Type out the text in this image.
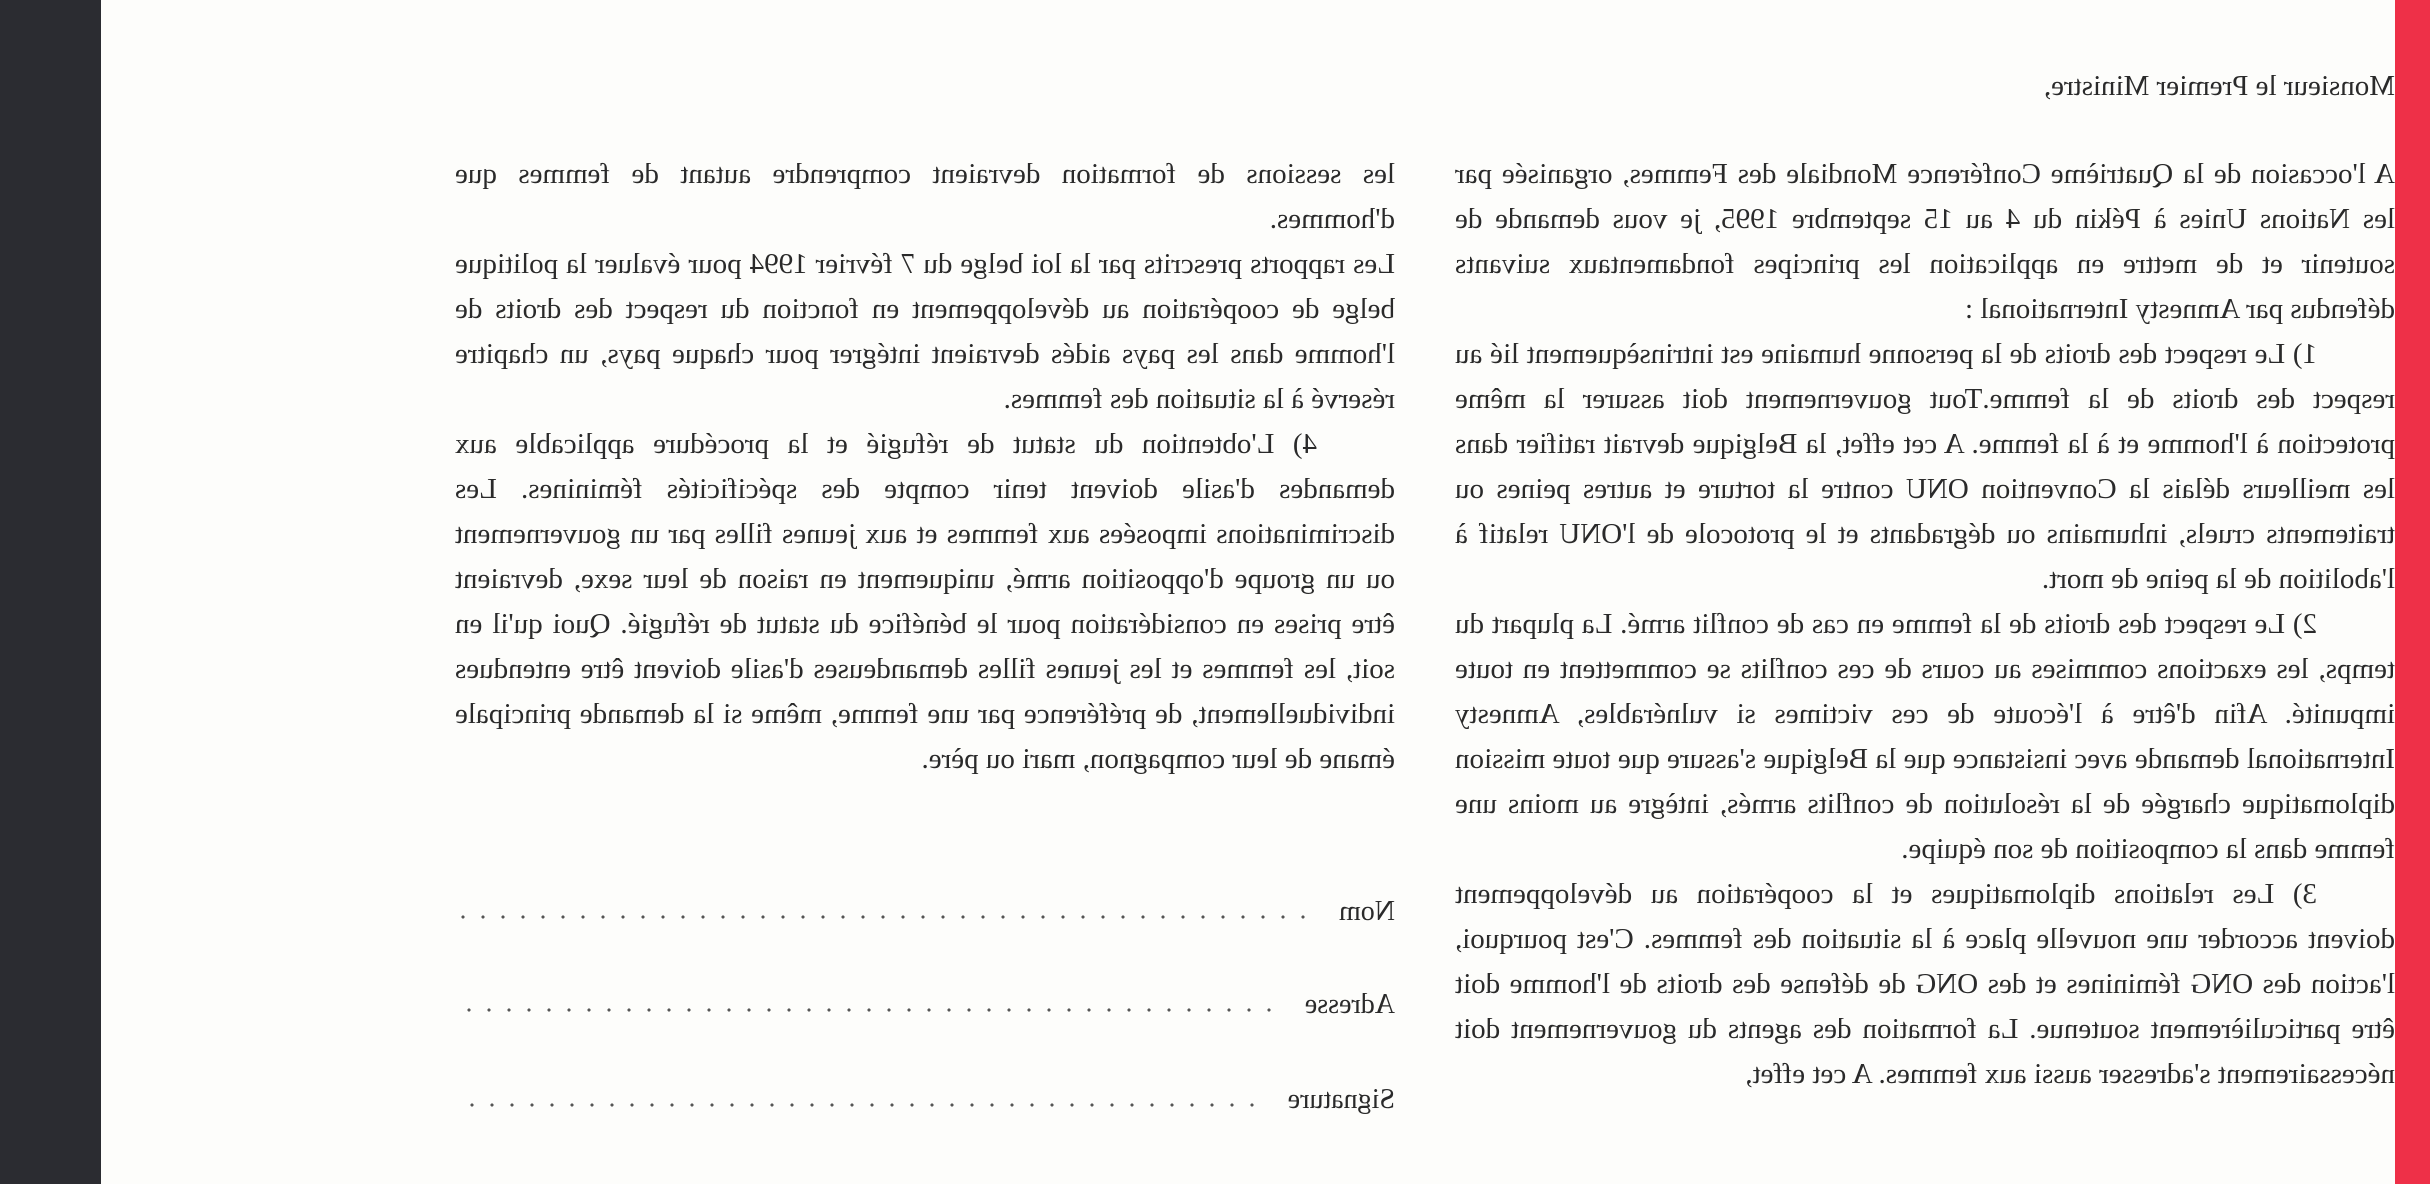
Monsieur le Premier Ministre,

A l'occasion de la Quatrième Conférence Mondiale des Femmes, organisée par les Nations Unies à Pékin du 4 au 15 septembre 1995, je vous demande de soutenir et de mettre en application les principes fondamentaux suivants défendus par Amnesty International :

1) Le respect des droits de la personne humaine est intrinsèquement lié au respect des droits de la femme.Tout gouvernement doit assurer la même protection à l'homme et à la femme. A cet effet, la Belgique devrait ratifier dans les meilleurs délais la Convention ONU contre la torture et autres peines ou traitements cruels, inhumains ou dégradants et le protocole de l'ONU relatif à l'abolition de la peine de mort.

2) Le respect des droits de la femme en cas de conflit armé. La plupart du temps, les exactions commises au cours de ces conflits se commettent en toute impunité. Afin d'être à l'écoute de ces victimes si vulnérables, Amnesty International demande avec insistance que la Belgique s'assure que toute mission diplomatique chargée de la résolution de conflits armés, intègre au moins une femme dans la composition de son équipe.

3) Les relations diplomatiques et la coopération au développement doivent accorder une nouvelle place à la situation des femmes. C'est pourquoi, l'action des ONG féminines et des ONG de défense des droits de l'homme doit être particulièrement soutenue. La formation des agents du gouvernement doit nécessairement s'adresser aussi aux femmes. A cet effet,

les sessions de formation devraient comprendre autant de femmes que d'hommes.

Les rapports prescrits par la loi belge du 7 février 1994 pour évaluer la politique belge de coopération au développement en fonction du respect des droits de l'homme dans les pays aidés devraient intégrer pour chaque pays, un chapitre réservé à la situation des femmes.

4) L'obtention du statut de réfugié et la procédure applicable aux demandes d'asile doivent tenir compte des spécificités féminines. Les discriminations imposées aux femmes et aux jeunes filles par un gouvernement ou un groupe d'opposition armé, uniquement en raison de leur sexe, devraient être prises en considération pour le bénéfice du statut de réfugié. Quoi qu'il en soit, les femmes et les jeunes filles demandeuses d'asile doivent être entendues individuellement, de préférence par une femme, même si la demande principale émane de leur compagnon, mari ou père.

Nom
Adresse
Signature
